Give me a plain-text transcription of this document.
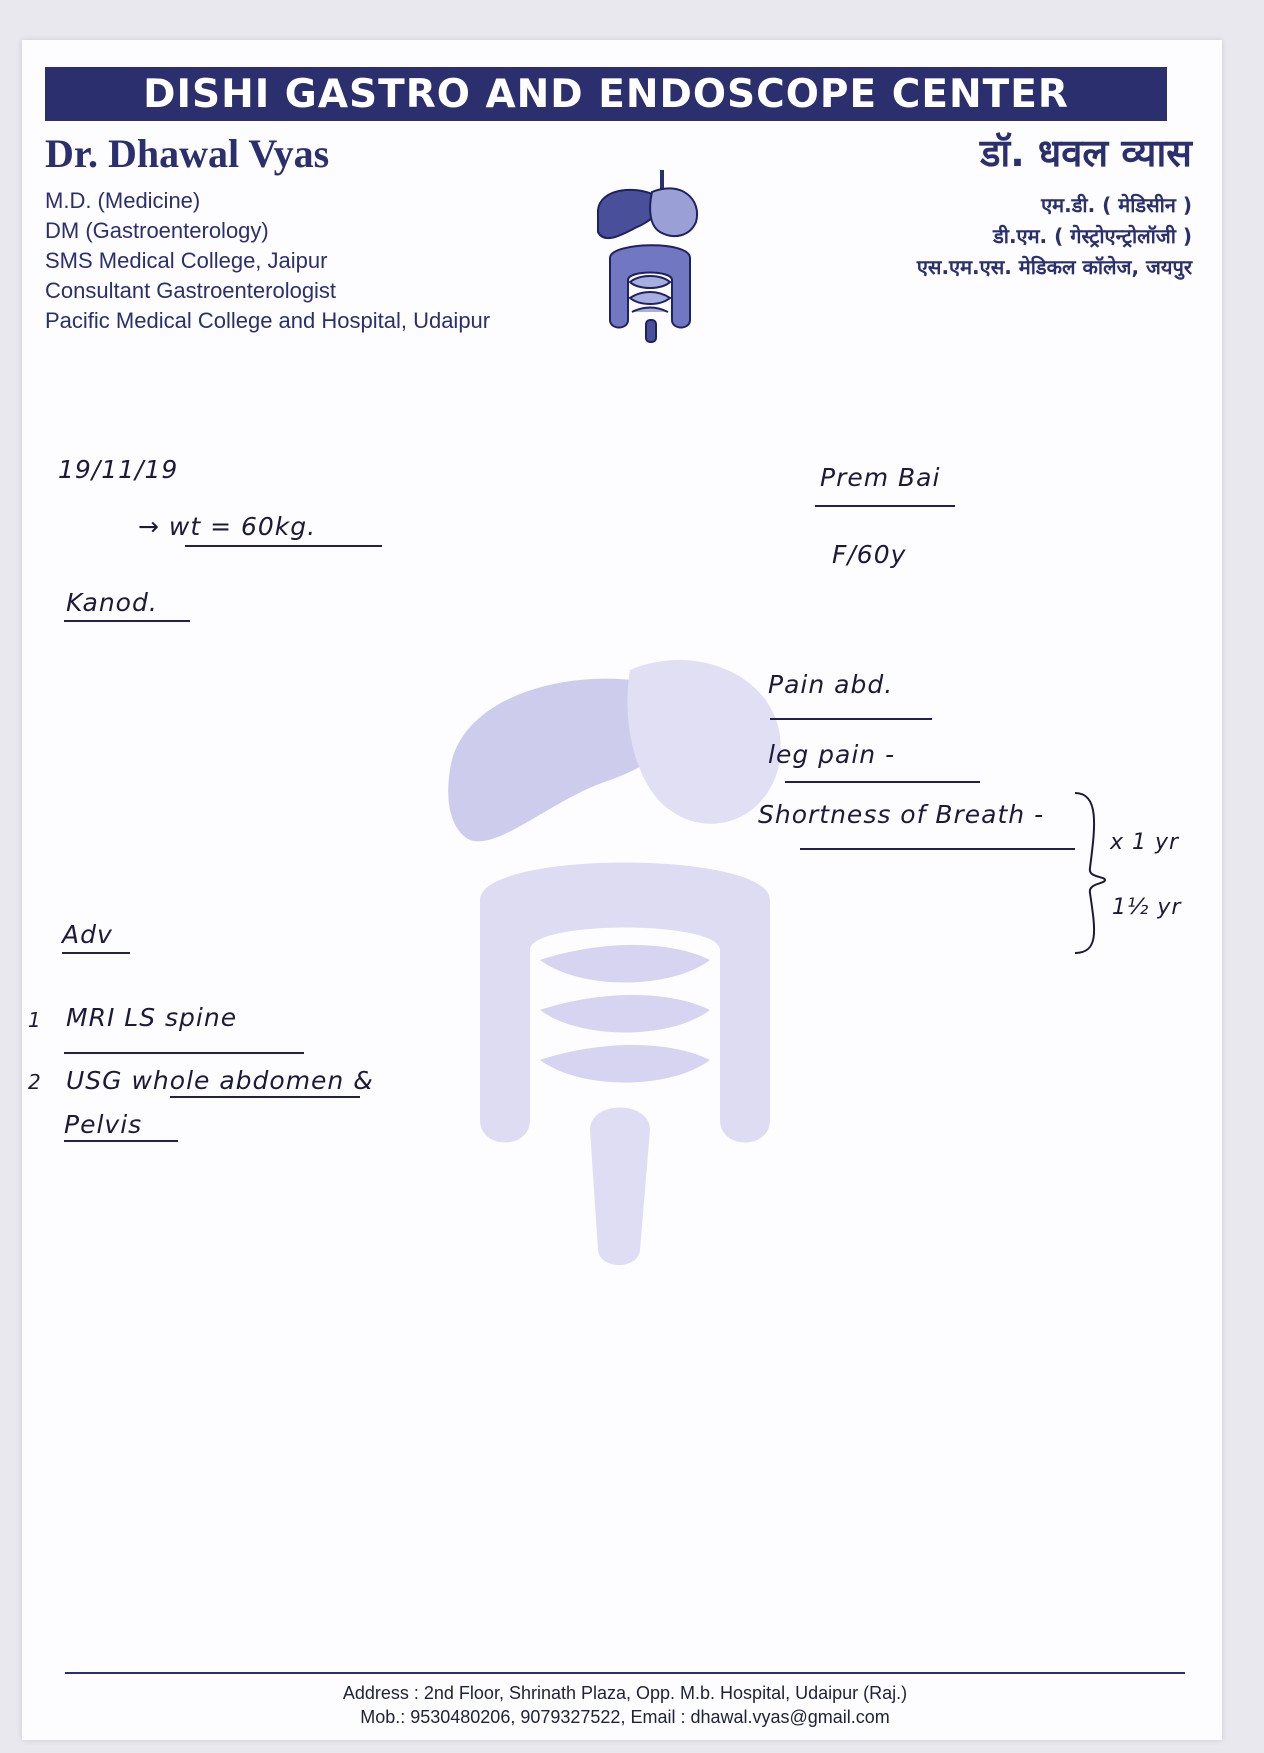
DISHI GASTRO AND ENDOSCOPE CENTER
Dr. Dhawal Vyas
M.D. (Medicine)
DM (Gastroenterology)
SMS Medical College, Jaipur
Consultant Gastroenterologist
Pacific Medical College and Hospital, Udaipur
डॉ. धवल व्यास
एम.डी. ( मेडिसीन )
डी.एम. ( गेस्ट्रोएन्ट्रोलॉजी )
एस.एम.एस. मेडिकल कॉलेज, जयपुर
19/11/19
→ wt = 60kg.
Kanod.
Prem Bai
F/60y
Pain abd.
leg pain -
Shortness of Breath -
x 1 yr
1½ yr
Adv
1 MRI LS spine
2 USG whole abdomen &
Pelvis
Address : 2nd Floor, Shrinath Plaza, Opp. M.b. Hospital, Udaipur (Raj.)
Mob.: 9530480206, 9079327522, Email : dhawal.vyas@gmail.com
